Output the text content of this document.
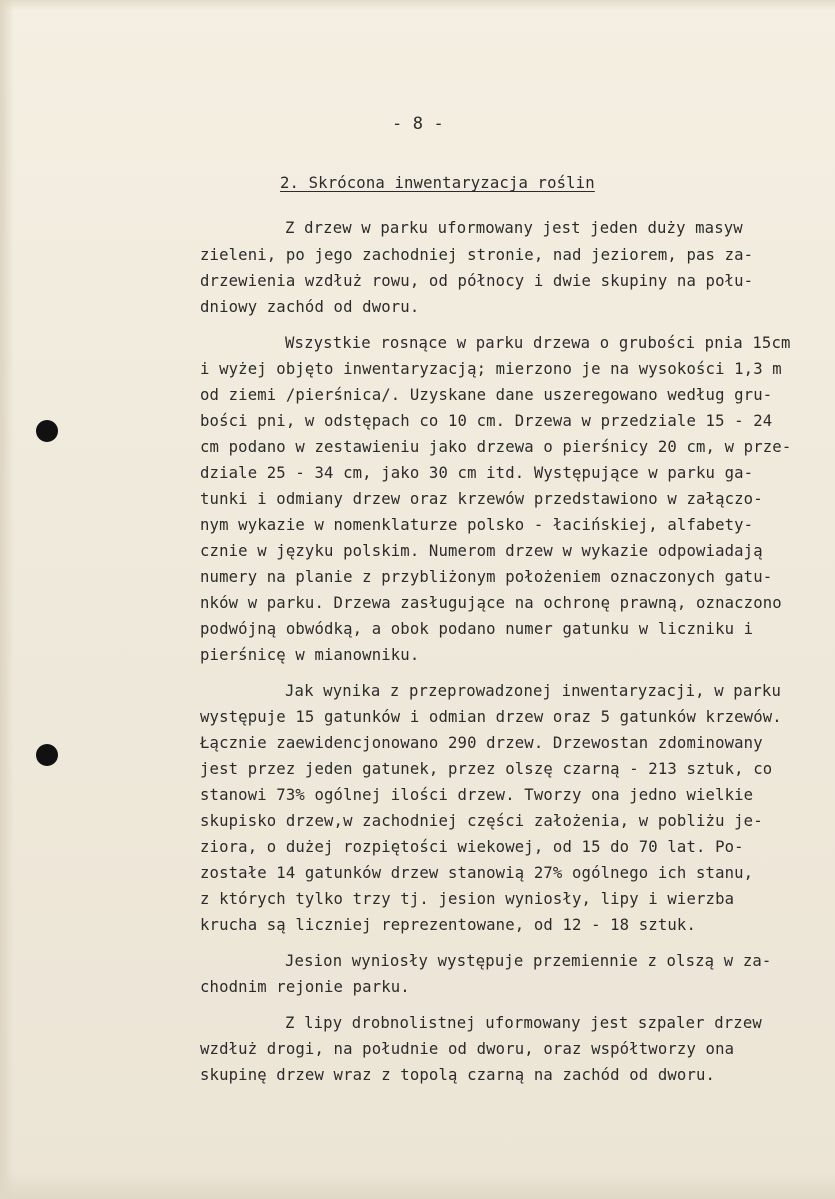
- 8 -
2. Skrócona inwentaryzacja roślin
Z drzew w parku uformowany jest jeden duży masyw
zieleni, po jego zachodniej stronie, nad jeziorem, pas za-
drzewienia wzdłuż rowu, od północy i dwie skupiny na połu-
dniowy zachód od dworu.
Wszystkie rosnące w parku drzewa o grubości pnia 15cm
i wyżej objęto inwentaryzacją; mierzono je na wysokości 1,3 m
od ziemi /pierśnica/. Uzyskane dane uszeregowano według gru-
bości pni, w odstępach co 10 cm. Drzewa w przedziale 15 - 24
cm podano w zestawieniu jako drzewa o pierśnicy 20 cm, w prze-
dziale 25 - 34 cm, jako 30 cm itd. Występujące w parku ga-
tunki i odmiany drzew oraz krzewów przedstawiono w załączo-
nym wykazie w nomenklaturze polsko - łacińskiej, alfabety-
cznie w języku polskim. Numerom drzew w wykazie odpowiadają
numery na planie z przybliżonym położeniem oznaczonych gatu-
nków w parku. Drzewa zasługujące na ochronę prawną, oznaczono
podwójną obwódką, a obok podano numer gatunku w liczniku i
pierśnicę w mianowniku.
Jak wynika z przeprowadzonej inwentaryzacji, w parku
występuje 15 gatunków i odmian drzew oraz 5 gatunków krzewów.
Łącznie zaewidencjonowano 290 drzew. Drzewostan zdominowany
jest przez jeden gatunek, przez olszę czarną - 213 sztuk, co
stanowi 73% ogólnej ilości drzew. Tworzy ona jedno wielkie
skupisko drzew,w zachodniej części założenia, w pobliżu je-
ziora, o dużej rozpiętości wiekowej, od 15 do 70 lat. Po-
zostałe 14 gatunków drzew stanowią 27% ogólnego ich stanu,
z których tylko trzy tj. jesion wyniosły, lipy i wierzba
krucha są liczniej reprezentowane, od 12 - 18 sztuk.
Jesion wyniosły występuje przemiennie z olszą w za-
chodnim rejonie parku.
Z lipy drobnolistnej uformowany jest szpaler drzew
wzdłuż drogi, na południe od dworu, oraz współtworzy ona
skupinę drzew wraz z topolą czarną na zachód od dworu.
